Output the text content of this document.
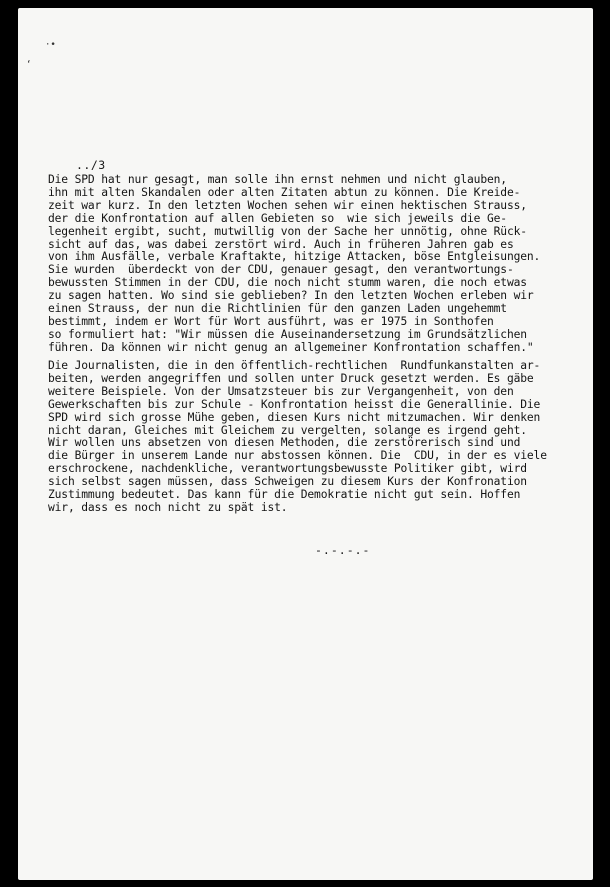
·•
‘
../3
Die SPD hat nur gesagt, man solle ihn ernst nehmen und nicht glauben,
ihn mit alten Skandalen oder alten Zitaten abtun zu können. Die Kreide-
zeit war kurz. In den letzten Wochen sehen wir einen hektischen Strauss,
der die Konfrontation auf allen Gebieten so  wie sich jeweils die Ge-
legenheit ergibt, sucht, mutwillig von der Sache her unnötig, ohne Rück-
sicht auf das, was dabei zerstört wird. Auch in früheren Jahren gab es
von ihm Ausfälle, verbale Kraftakte, hitzige Attacken, böse Entgleisungen.
Sie wurden  überdeckt von der CDU, genauer gesagt, den verantwortungs-
bewussten Stimmen in der CDU, die noch nicht stumm waren, die noch etwas
zu sagen hatten. Wo sind sie geblieben? In den letzten Wochen erleben wir
einen Strauss, der nun die Richtlinien für den ganzen Laden ungehemmt
bestimmt, indem er Wort für Wort ausführt, was er 1975 in Sonthofen
so formuliert hat: "Wir müssen die Auseinandersetzung im Grundsätzlichen
führen. Da können wir nicht genug an allgemeiner Konfrontation schaffen."
Die Journalisten, die in den öffentlich-rechtlichen  Rundfunkanstalten ar-
beiten, werden angegriffen und sollen unter Druck gesetzt werden. Es gäbe
weitere Beispiele. Von der Umsatzsteuer bis zur Vergangenheit, von den
Gewerkschaften bis zur Schule - Konfrontation heisst die Generallinie. Die
SPD wird sich grosse Mühe geben, diesen Kurs nicht mitzumachen. Wir denken
nicht daran, Gleiches mit Gleichem zu vergelten, solange es irgend geht.
Wir wollen uns absetzen von diesen Methoden, die zerstörerisch sind und
die Bürger in unserem Lande nur abstossen können. Die  CDU, in der es viele
erschrockene, nachdenkliche, verantwortungsbewusste Politiker gibt, wird
sich selbst sagen müssen, dass Schweigen zu diesem Kurs der Konfronation
Zustimmung bedeutet. Das kann für die Demokratie nicht gut sein. Hoffen
wir, dass es noch nicht zu spät ist.
-.-.-.-
